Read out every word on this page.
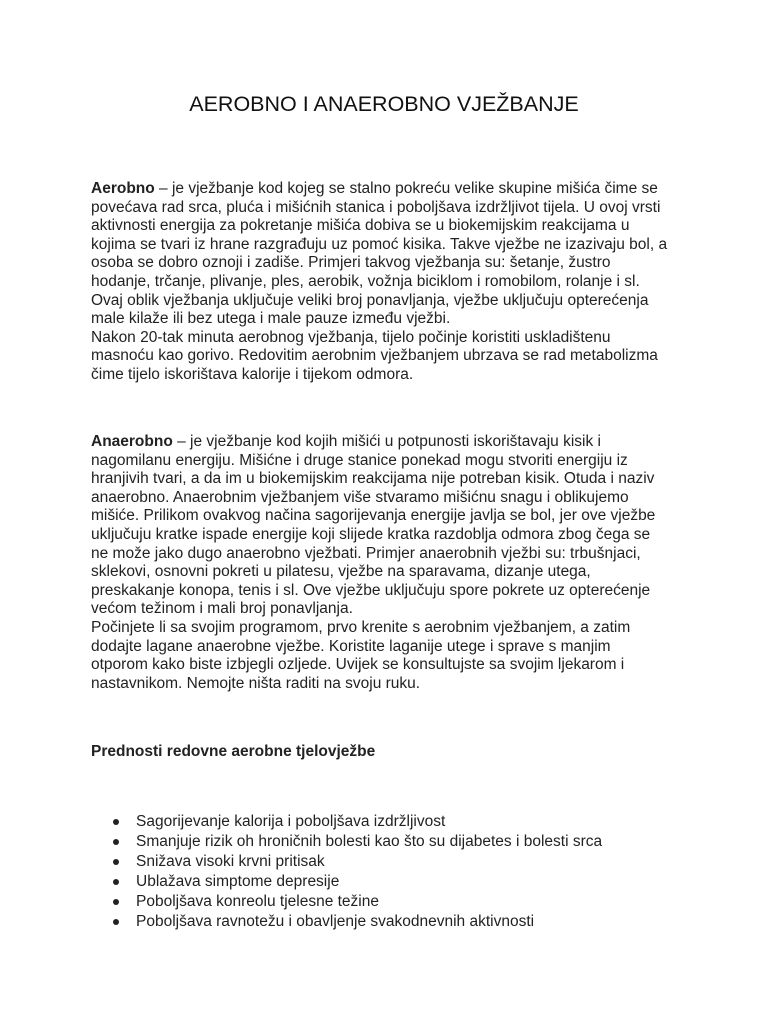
AEROBNO I ANAEROBNO VJEŽBANJE
Aerobno – je vježbanje kod kojeg se stalno pokreću velike skupine mišića čime se
povećava rad srca, pluća i mišićnih stanica i poboljšava izdržljivot tijela. U ovoj vrsti
aktivnosti energija za pokretanje mišića dobiva se u biokemijskim reakcijama u
kojima se tvari iz hrane razgrađuju uz pomoć kisika. Takve vježbe ne izazivaju bol, a
osoba se dobro oznoji i zadiše. Primjeri takvog vježbanja su: šetanje, žustro
hodanje, trčanje, plivanje, ples, aerobik, vožnja biciklom i romobilom, rolanje i sl.
Ovaj oblik vježbanja uključuje veliki broj ponavljanja, vježbe uključuju opterećenja
male kilaže ili bez utega i male pauze između vježbi.
Nakon 20-tak minuta aerobnog vježbanja, tijelo počinje koristiti uskladištenu
masnoću kao gorivo. Redovitim aerobnim vježbanjem ubrzava se rad metabolizma
čime tijelo iskorištava kalorije i tijekom odmora.
Anaerobno – je vježbanje kod kojih mišići u potpunosti iskorištavaju kisik i
nagomilanu energiju. Mišićne i druge stanice ponekad mogu stvoriti energiju iz
hranjivih tvari, a da im u biokemijskim reakcijama nije potreban kisik. Otuda i naziv
anaerobno. Anaerobnim vježbanjem više stvaramo mišićnu snagu i oblikujemo
mišiće. Prilikom ovakvog načina sagorijevanja energije javlja se bol, jer ove vježbe
uključuju kratke ispade energije koji slijede kratka razdoblja odmora zbog čega se
ne može jako dugo anaerobno vježbati. Primjer anaerobnih vježbi su: trbušnjaci,
sklekovi, osnovni pokreti u pilatesu, vježbe na sparavama, dizanje utega,
preskakanje konopa, tenis i sl. Ove vježbe uključuju spore pokrete uz opterećenje
većom težinom i mali broj ponavljanja.
Počinjete li sa svojim programom, prvo krenite s aerobnim vježbanjem, a zatim
dodajte lagane anaerobne vježbe. Koristite laganije utege i sprave s manjim
otporom kako biste izbjegli ozljede. Uvijek se konsultujste sa svojim ljekarom i
nastavnikom. Nemojte ništa raditi na svoju ruku.
Prednosti redovne aerobne tjelovježbe
Sagorijevanje kalorija i poboljšava izdržljivost
Smanjuje rizik oh hroničnih bolesti kao što su dijabetes i bolesti srca
Snižava visoki krvni pritisak
Ublažava simptome depresije
Poboljšava konreolu tjelesne težine
Poboljšava ravnotežu i obavljenje svakodnevnih aktivnosti
